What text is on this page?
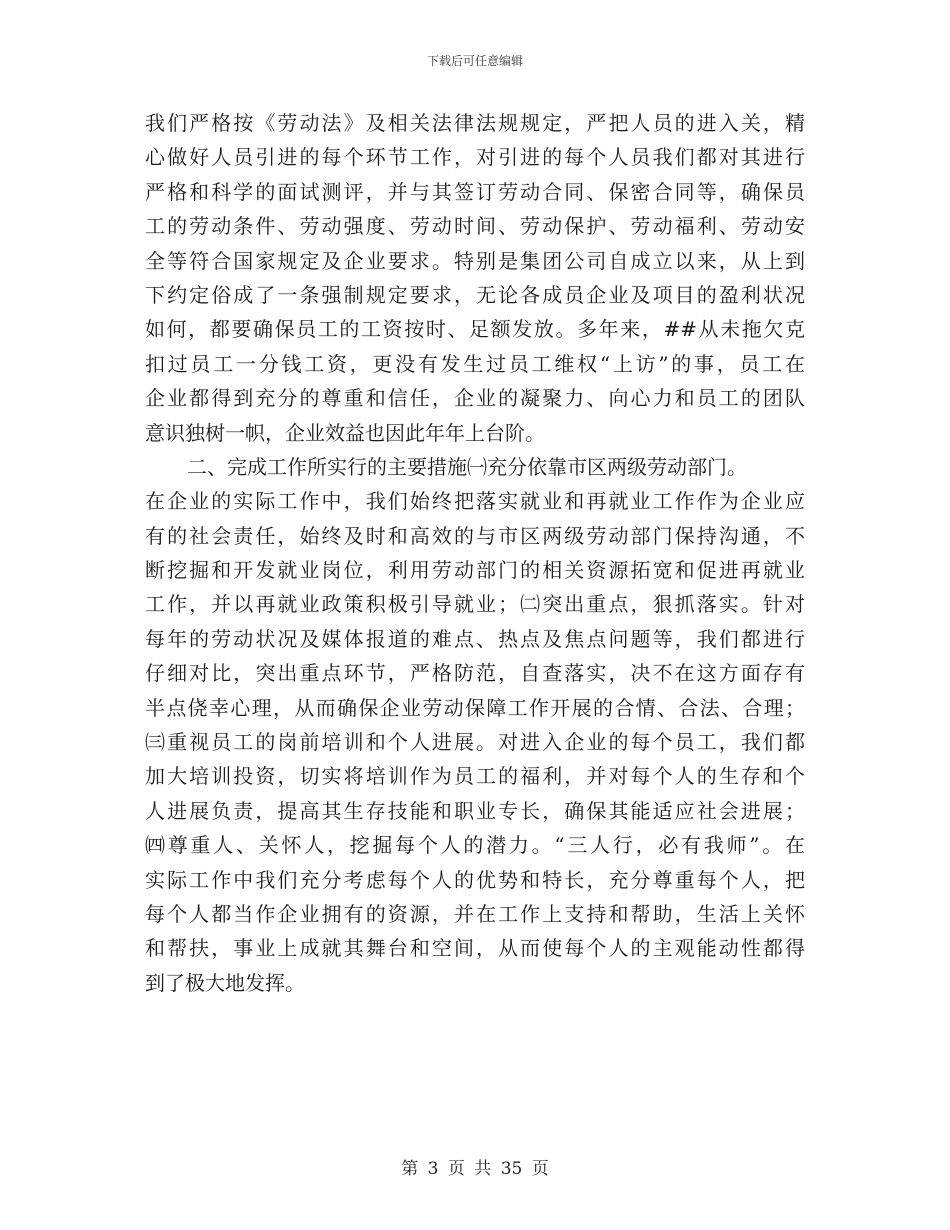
下载后可任意编辑
我们严格按《劳动法》及相关法律法规规定，严把人员的进入关，精
心做好人员引进的每个环节工作，对引进的每个人员我们都对其进行
严格和科学的面试测评，并与其签订劳动合同、保密合同等，确保员
工的劳动条件、劳动强度、劳动时间、劳动保护、劳动福利、劳动安
全等符合国家规定及企业要求。特别是集团公司自成立以来，从上到
下约定俗成了一条强制规定要求，无论各成员企业及项目的盈利状况
如何，都要确保员工的工资按时、足额发放。多年来，##从未拖欠克
扣过员工一分钱工资，更没有发生过员工维权“上访”的事，员工在
企业都得到充分的尊重和信任，企业的凝聚力、向心力和员工的团队
意识独树一帜，企业效益也因此年年上台阶。
二、完成工作所实行的主要措施㈠充分依靠市区两级劳动部门。
在企业的实际工作中，我们始终把落实就业和再就业工作作为企业应
有的社会责任，始终及时和高效的与市区两级劳动部门保持沟通，不
断挖掘和开发就业岗位，利用劳动部门的相关资源拓宽和促进再就业
工作，并以再就业政策积极引导就业；㈡突出重点，狠抓落实。针对
每年的劳动状况及媒体报道的难点、热点及焦点问题等，我们都进行
仔细对比，突出重点环节，严格防范，自查落实，决不在这方面存有
半点侥幸心理，从而确保企业劳动保障工作开展的合情、合法、合理；
㈢重视员工的岗前培训和个人进展。对进入企业的每个员工，我们都
加大培训投资，切实将培训作为员工的福利，并对每个人的生存和个
人进展负责，提高其生存技能和职业专长，确保其能适应社会进展；
㈣尊重人、关怀人，挖掘每个人的潜力。“三人行，必有我师”。在
实际工作中我们充分考虑每个人的优势和特长，充分尊重每个人，把
每个人都当作企业拥有的资源，并在工作上支持和帮助，生活上关怀
和帮扶，事业上成就其舞台和空间，从而使每个人的主观能动性都得
到了极大地发挥。
第 3 页 共 35 页
